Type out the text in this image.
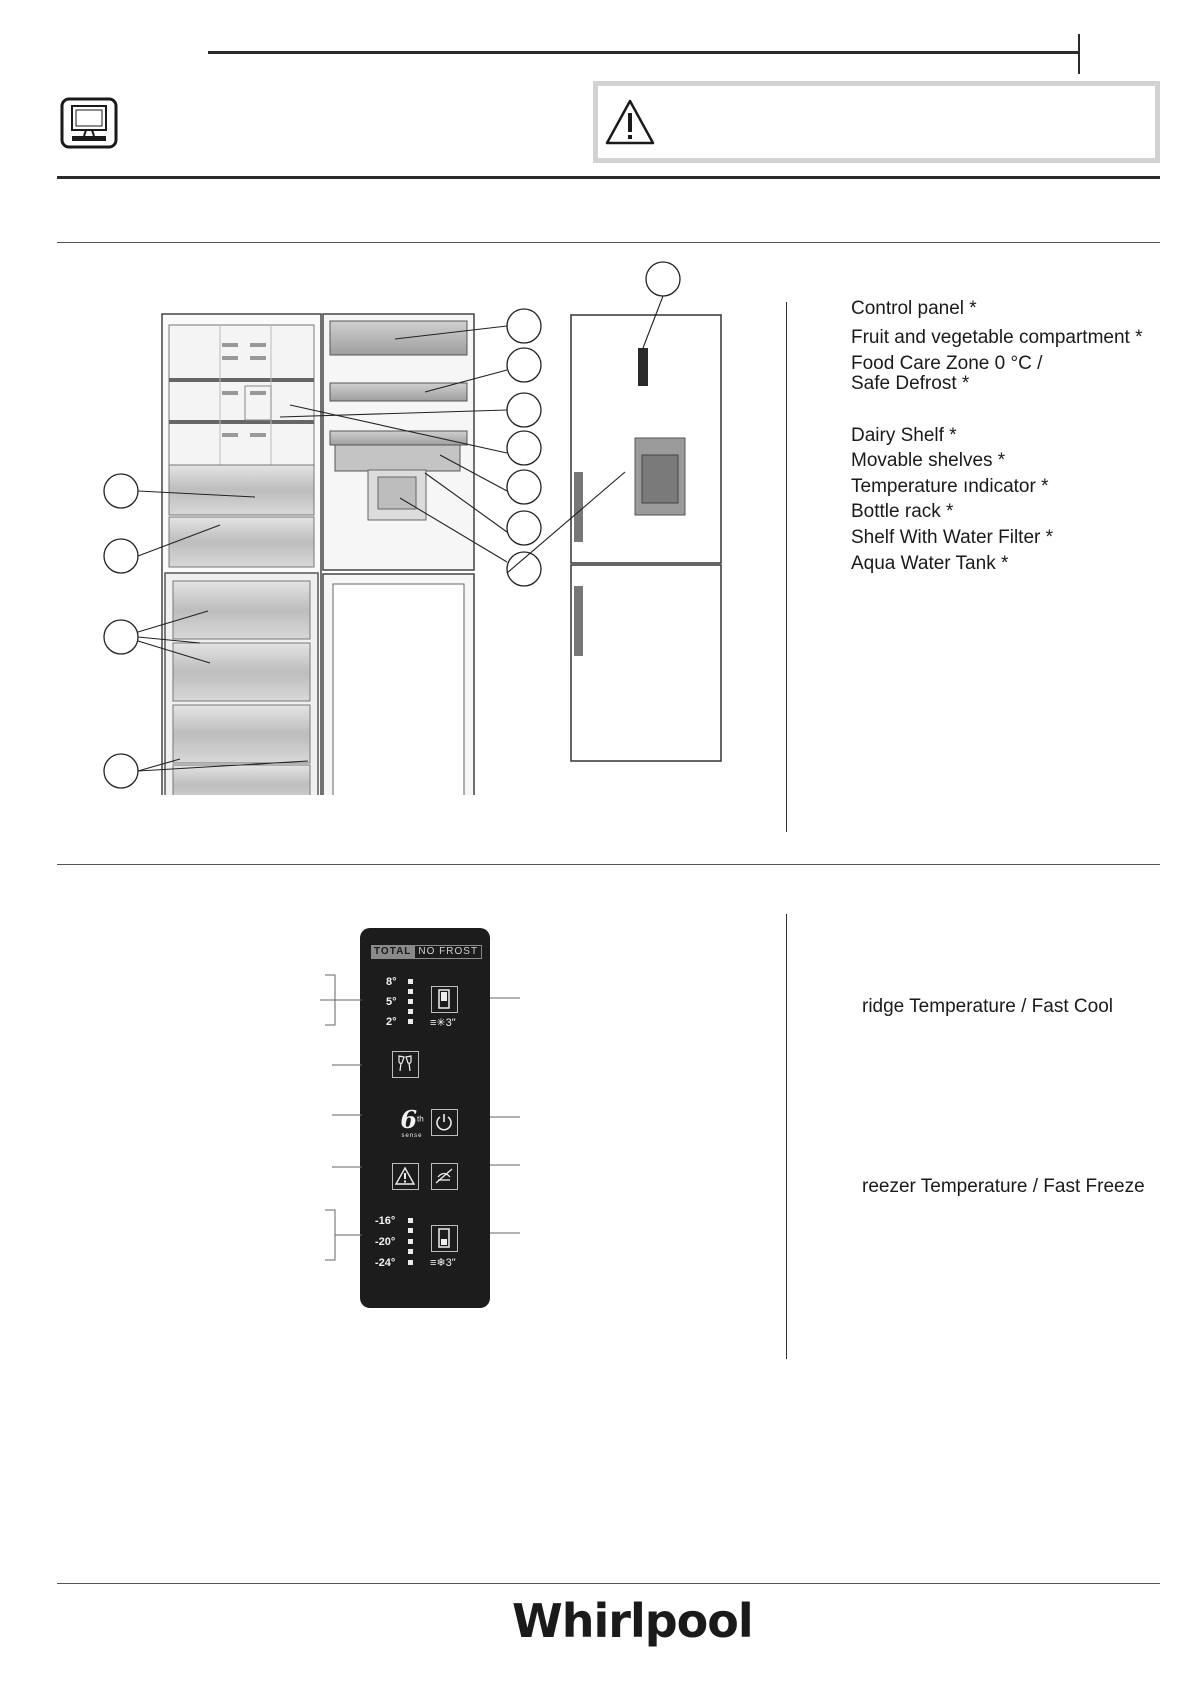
Control panel *
Fruit and vegetable compartment *
Food Care Zone 0 °C /
Safe Defrost *
Dairy Shelf *
Movable shelves *
Temperature ındicator *
Bottle rack *
Shelf With Water Filter *
Aqua Water Tank *
TOTAL NO FROST
8°
5°
2°	≡✳3"
6th
sense
-16°
-20°
-24°	≡❄3"
ridge Temperature / Fast Cool
reezer Temperature / Fast Freeze
Whirlpool
